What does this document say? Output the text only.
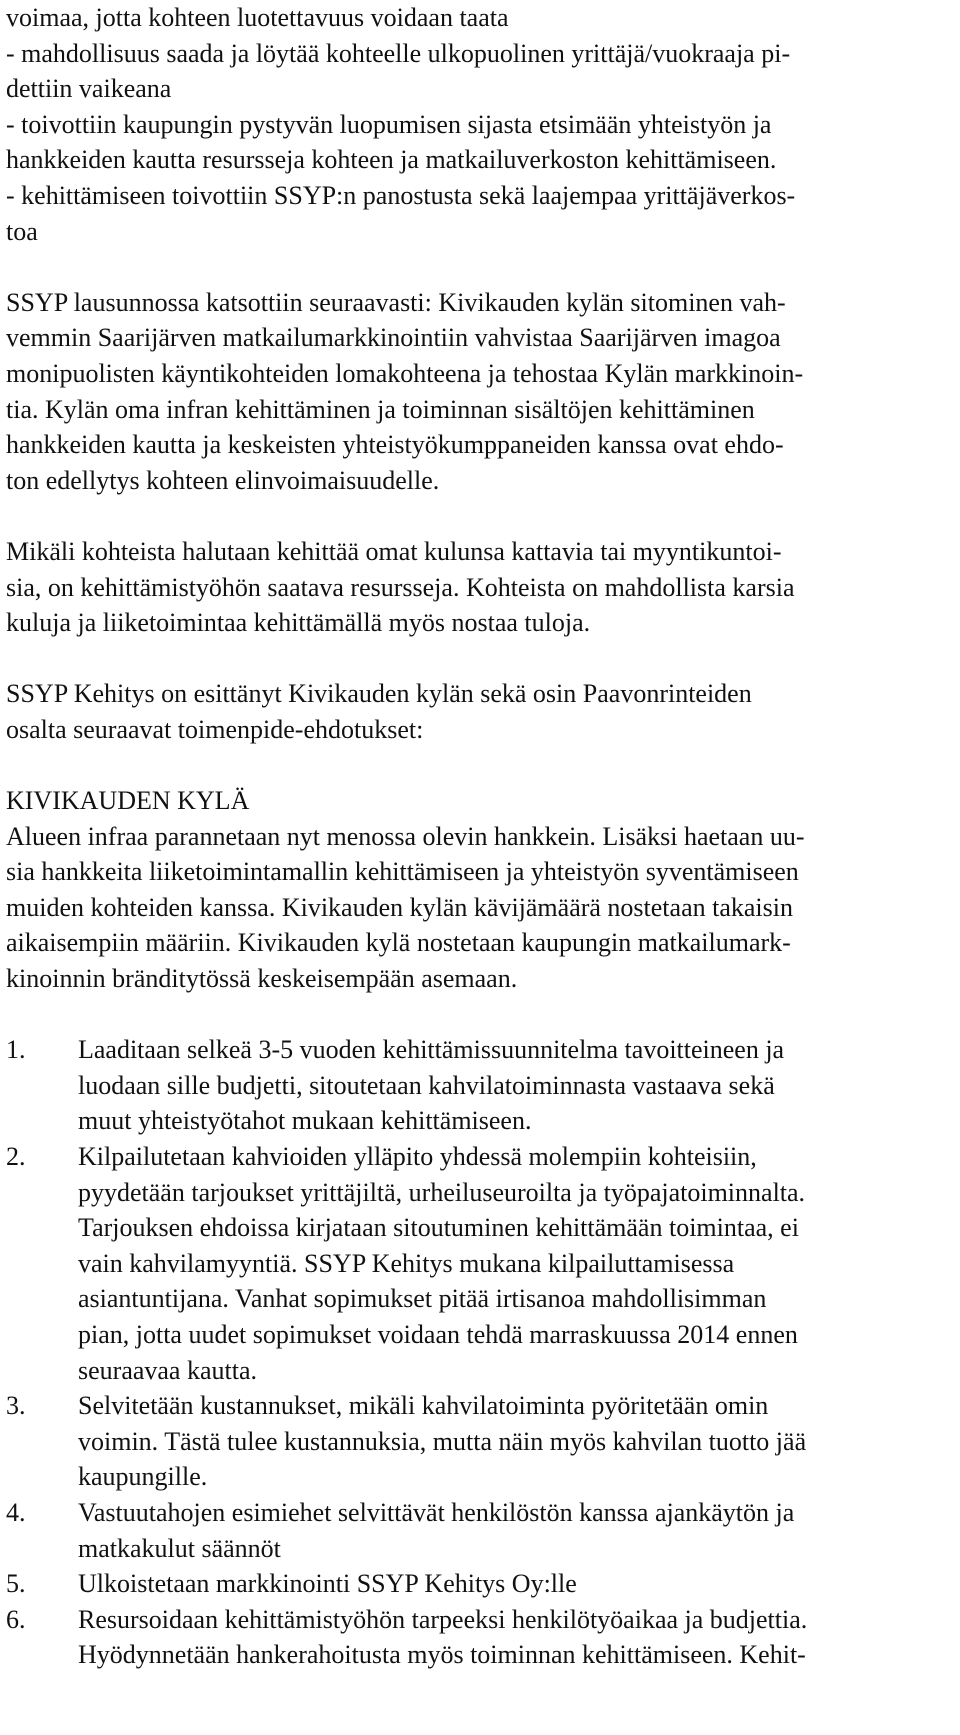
voimaa, jotta kohteen luotettavuus voidaan taata
- mahdollisuus saada ja löytää kohteelle ulkopuolinen yrittäjä/vuokraaja pi-
dettiin vaikeana
- toivottiin kaupungin pystyvän luopumisen sijasta etsimään yhteistyön ja
hankkeiden kautta resursseja kohteen ja matkailuverkoston kehittämiseen.
- kehittämiseen toivottiin SSYP:n panostusta sekä laajempaa yrittäjäverkos-
toa
SSYP lausunnossa katsottiin seuraavasti: Kivikauden kylän sitominen vah-
vemmin Saarijärven matkailumarkkinointiin vahvistaa Saarijärven imagoa
monipuolisten käyntikohteiden lomakohteena ja tehostaa Kylän markkinoin-
tia. Kylän oma infran kehittäminen ja toiminnan sisältöjen kehittäminen
hankkeiden kautta ja keskeisten yhteistyökumppaneiden kanssa ovat ehdo-
ton edellytys kohteen elinvoimaisuudelle.
Mikäli kohteista halutaan kehittää omat kulunsa kattavia tai myyntikuntoi-
sia, on kehittämistyöhön saatava resursseja. Kohteista on mahdollista karsia
kuluja ja liiketoimintaa kehittämällä myös nostaa tuloja.
SSYP Kehitys on esittänyt Kivikauden kylän sekä osin Paavonrinteiden
osalta seuraavat toimenpide-ehdotukset:
KIVIKAUDEN KYLÄ
Alueen infraa parannetaan nyt menossa olevin hankkein. Lisäksi haetaan uu-
sia hankkeita liiketoimintamallin kehittämiseen ja yhteistyön syventämiseen
muiden kohteiden kanssa. Kivikauden kylän kävijämäärä nostetaan takaisin
aikaisempiin määriin. Kivikauden kylä nostetaan kaupungin matkailumark-
kinoinnin bränditytössä keskeisempään asemaan.
1.	Laaditaan selkeä 3-5 vuoden kehittämissuunnitelma tavoitteineen ja
luodaan sille budjetti, sitoutetaan kahvilatoiminnasta vastaava sekä
muut yhteistyötahot mukaan kehittämiseen.
2.	Kilpailutetaan kahvioiden ylläpito yhdessä molempiin kohteisiin,
pyydetään tarjoukset yrittäjiltä, urheiluseuroilta ja työpajatoiminnalta.
Tarjouksen ehdoissa kirjataan sitoutuminen kehittämään toimintaa, ei
vain kahvilamyyntiä. SSYP Kehitys mukana kilpailuttamisessa
asiantuntijana. Vanhat sopimukset pitää irtisanoa mahdollisimman
pian, jotta uudet sopimukset voidaan tehdä marraskuussa 2014 ennen
seuraavaa kautta.
3.	Selvitetään kustannukset, mikäli kahvilatoiminta pyöritetään omin
voimin. Tästä tulee kustannuksia, mutta näin myös kahvilan tuotto jää
kaupungille.
4.	Vastuutahojen esimiehet selvittävät henkilöstön kanssa ajankäytön ja
matkakulut säännöt
5.	Ulkoistetaan markkinointi SSYP Kehitys Oy:lle
6.	Resursoidaan kehittämistyöhön tarpeeksi henkilötyöaikaa ja budjettia.
Hyödynnetään hankerahoitusta myös toiminnan kehittämiseen. Kehit-
